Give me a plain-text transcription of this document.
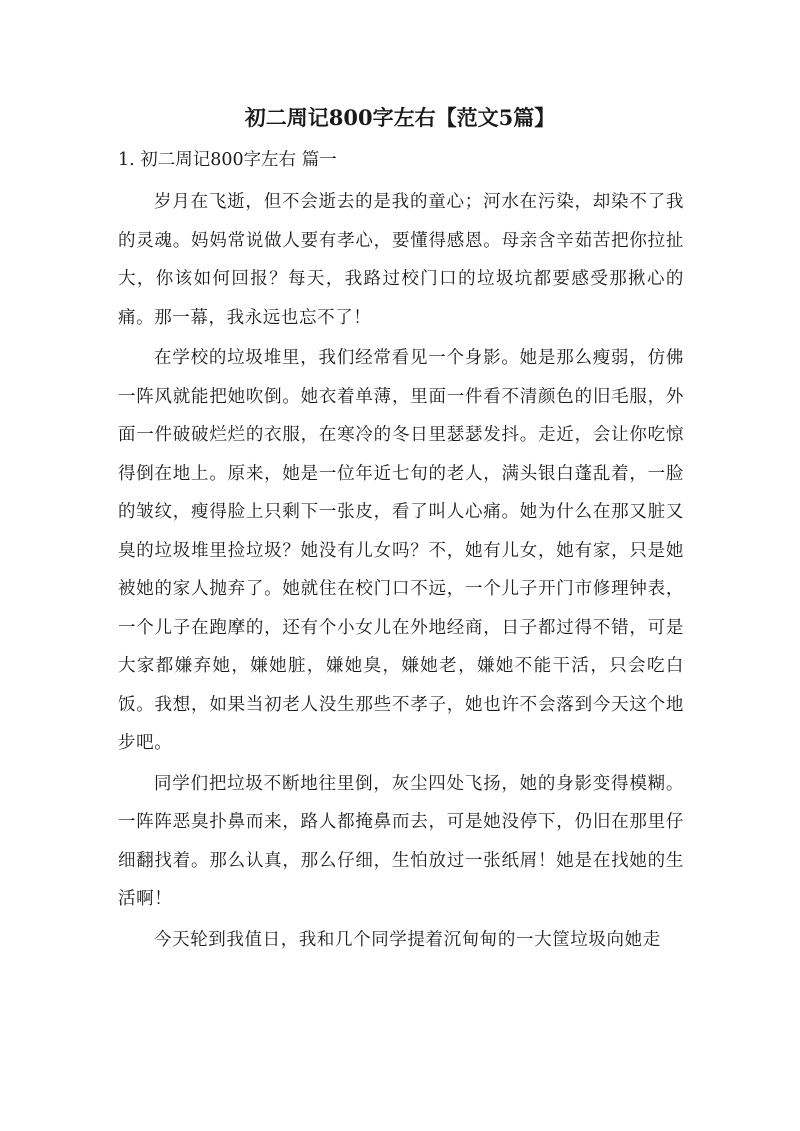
初二周记800字左右【范文5篇】

1. 初二周记800字左右 篇一

岁月在飞逝，但不会逝去的是我的童心；河水在污染，却染不了我的灵魂。妈妈常说做人要有孝心，要懂得感恩。母亲含辛茹苦把你拉扯大，你该如何回报？每天，我路过校门口的垃圾坑都要感受那揪心的痛。那一幕，我永远也忘不了！

在学校的垃圾堆里，我们经常看见一个身影。她是那么瘦弱，仿佛一阵风就能把她吹倒。她衣着单薄，里面一件看不清颜色的旧毛服，外面一件破破烂烂的衣服，在寒冷的冬日里瑟瑟发抖。走近，会让你吃惊得倒在地上。原来，她是一位年近七旬的老人，满头银白蓬乱着，一脸的皱纹，瘦得脸上只剩下一张皮，看了叫人心痛。她为什么在那又脏又臭的垃圾堆里捡垃圾？她没有儿女吗？不，她有儿女，她有家，只是她被她的家人抛弃了。她就住在校门口不远，一个儿子开门市修理钟表，一个儿子在跑摩的，还有个小女儿在外地经商，日子都过得不错，可是大家都嫌弃她，嫌她脏，嫌她臭，嫌她老，嫌她不能干活，只会吃白饭。我想，如果当初老人没生那些不孝子，她也许不会落到今天这个地步吧。

同学们把垃圾不断地往里倒，灰尘四处飞扬，她的身影变得模糊。一阵阵恶臭扑鼻而来，路人都掩鼻而去，可是她没停下，仍旧在那里仔细翻找着。那么认真，那么仔细，生怕放过一张纸屑！她是在找她的生活啊！

今天轮到我值日，我和几个同学提着沉甸甸的一大筐垃圾向她走
